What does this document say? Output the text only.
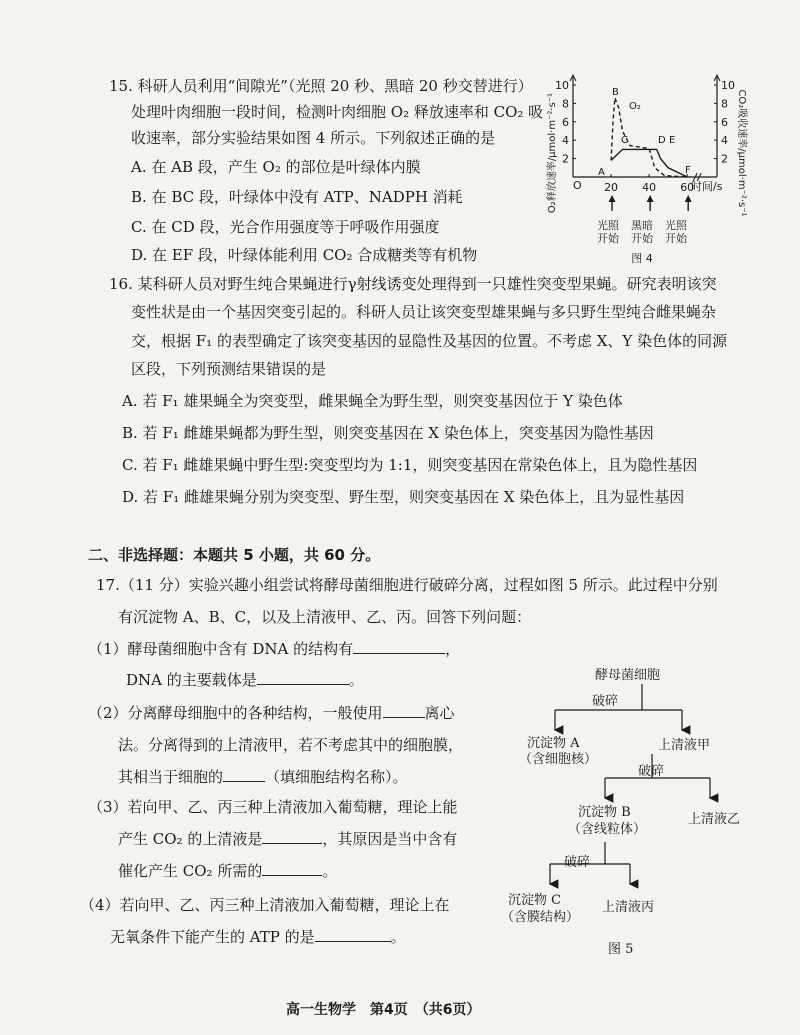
15. 科研人员利用“间隙光”（光照 20 秒、黑暗 20 秒交替进行）
处理叶肉细胞一段时间，检测叶肉细胞 O₂ 释放速率和 CO₂ 吸
收速率，部分实验结果如图 4 所示。下列叙述正确的是
A. 在 AB 段，产生 O₂ 的部位是叶绿体内膜
B. 在 BC 段，叶绿体中没有 ATP、NADPH 消耗
C. 在 CD 段，光合作用强度等于呼吸作用强度
D. 在 EF 段，叶绿体能利用 CO₂ 合成糖类等有机物
O₂释放速率/μmol·m⁻²·s⁻¹	CO₂吸收速率/μmol·m⁻²·s⁻¹
O	时间/s
2	2
4	4
6	6
8	8
10	10
20 40 60
O₂
A
B
C	D E
F
光照
开始
黑暗
开始
光照
开始
图 4
16. 某科研人员对野生纯合果蝇进行γ射线诱变处理得到一只雄性突变型果蝇。研究表明该突
变性状是由一个基因突变引起的。科研人员让该突变型雄果蝇与多只野生型纯合雌果蝇杂
交，根据 F₁ 的表型确定了该突变基因的显隐性及基因的位置。不考虑 X、Y 染色体的同源
区段，下列预测结果错误的是
A. 若 F₁ 雄果蝇全为突变型，雌果蝇全为野生型，则突变基因位于 Y 染色体
B. 若 F₁ 雌雄果蝇都为野生型，则突变基因在 X 染色体上，突变基因为隐性基因
C. 若 F₁ 雌雄果蝇中野生型:突变型均为 1:1，则突变基因在常染色体上，且为隐性基因
D. 若 F₁ 雌雄果蝇分别为突变型、野生型，则突变基因在 X 染色体上，且为显性基因
二、非选择题：本题共 5 小题，共 60 分。
17.（11 分）实验兴趣小组尝试将酵母菌细胞进行破碎分离，过程如图 5 所示。此过程中分别
有沉淀物 A、B、C，以及上清液甲、乙、丙。回答下列问题：
（1）酵母菌细胞中含有 DNA 的结构有	，
DNA 的主要载体是	。
（2）分离酵母细胞中的各种结构，一般使用	离心
法。分离得到的上清液甲，若不考虑其中的细胞膜，
其相当于细胞的	（填细胞结构名称）。
（3）若向甲、乙、丙三种上清液加入葡萄糖，理论上能
产生 CO₂ 的上清液是	，其原因是当中含有
催化产生 CO₂ 所需的	。
（4）若向甲、乙、丙三种上清液加入葡萄糖，理论上在
无氧条件下能产生的 ATP 的是	。
酵母菌细胞
破碎
沉淀物 A
（含细胞核）
上清液甲
破碎
沉淀物 B
（含线粒体）
上清液乙
破碎
沉淀物 C
（含膜结构）
上清液丙
图 5
高一生物学　第4页　（共6页）
